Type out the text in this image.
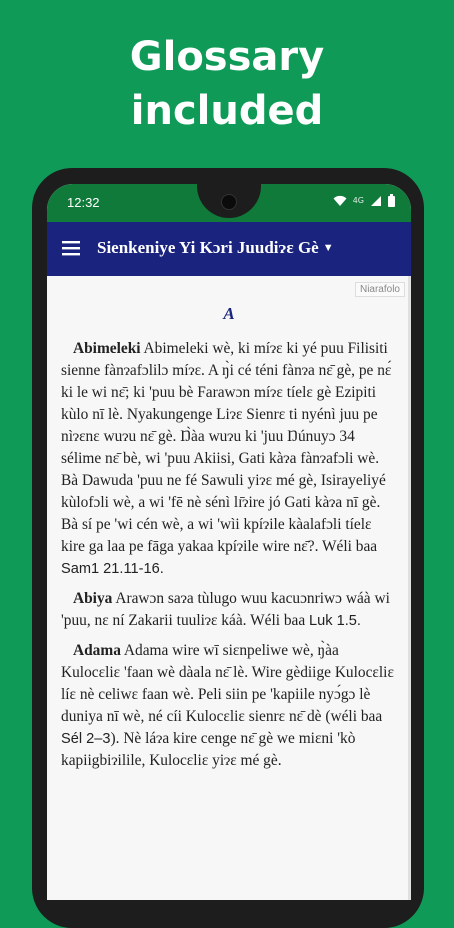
Glossary
included
12:32	4G
Sienkeniye Yi Kɔri Juudiɂɛ Gè ▼
Niarafolo
A

Abimeleki Abimeleki wè, ki míɂɛ ki yé puu Filisiti sienne fànɂafɔlilɔ míɂɛ. A ŋ̀i cé téni fànɂa nɛ̄ gè, pe nɛ́ ki le wi nɛ̄; ki 'puu bè Farawɔn míɂɛ tíelɛ gè Ezipiti kùlo nī lè. Nyakungenge Liɂɛ Sienrɛ ti nyénì juu pe nìɂɛnɛ wuɂu nɛ̄ gè. Ŋ̀àa wuɂu ki 'juu Ŋúnuyɔ 34 sélime nɛ̄ bè, wi 'puu Akiisi, Gati kàɂa fànɂafɔli wè. Bà Dawuda 'puu ne fé Sawuli yiɂɛ mé gè, Isirayeliyé kùlofɔli wè, a wi 'fē nè sénì lɪ̄ɂire jó Gati kàɂa nī gè. Bà sí pe 'wi cén wè, a wi 'wìi kpíɂile kàalafɔli tíelɛ kire ga laa pe fāga yakaa kpíɂile wire nɛ̄?. Wéli baa Sam1 21.11-16.

Abiya Arawɔn saɂa tùlugo wuu kacuɔnriwɔ wáà wi 'puu, nɛ ní Zakarii tuuliɂɛ káà. Wéli baa Luk 1.5.

Adama Adama wire wī siɛnpeliwe wè, ŋ̀àa Kulocɛliɛ 'faan wè dàala nɛ̄ lè. Wire gèdiige Kulocɛliɛ líɛ nè celiwɛ faan wè. Peli siin pe 'kapiile nyɔ́gɔ lè duniya nī wè, né cíi Kulocɛliɛ sienrɛ nɛ̄ dè (wéli baa Sél 2–3). Nè láɂa kire cenge nɛ̄ gè we miɛni 'kò kapiigbiɂilile, Kulocɛliɛ yiɂɛ mé gè.
